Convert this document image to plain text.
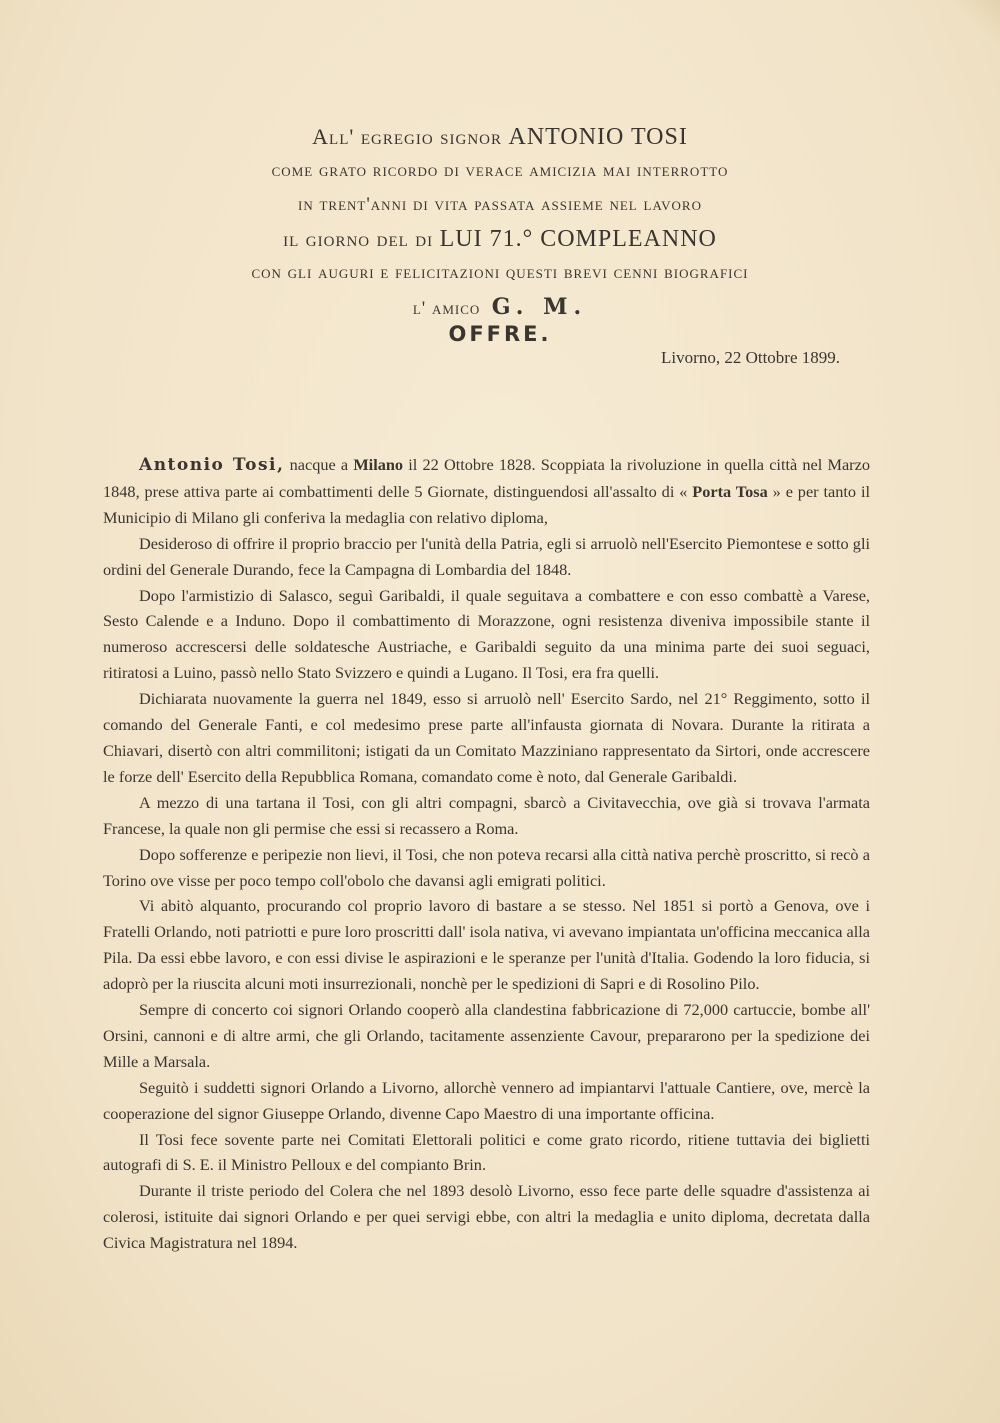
All' egregio signor ANTONIO TOSI

come grato ricordo di verace amicizia mai interrotto

in trent'anni di vita passata assieme nel lavoro

il giorno del di LUI 71.° COMPLEANNO

con gli auguri e felicitazioni questi brevi cenni biografici

l' amico G. M.

OFFRE.
Livorno, 22 Ottobre 1899.

Antonio Tosi, nacque a Milano il 22 Ottobre 1828. Scoppiata la rivoluzione in quella città nel Marzo 1848, prese attiva parte ai combattimenti delle 5 Giornate, distinguendosi all'assalto di « Porta Tosa » e per tanto il Municipio di Milano gli conferiva la medaglia con relativo diploma,

Desideroso di offrire il proprio braccio per l'unità della Patria, egli si arruolò nell'Esercito Piemontese e sotto gli ordini del Generale Durando, fece la Campagna di Lombardia del 1848.

Dopo l'armistizio di Salasco, seguì Garibaldi, il quale seguitava a combattere e con esso combattè a Varese, Sesto Calende e a Induno. Dopo il combattimento di Morazzone, ogni resistenza diveniva impossibile stante il numeroso accrescersi delle soldatesche Austriache, e Garibaldi seguito da una minima parte dei suoi seguaci, ritiratosi a Luino, passò nello Stato Svizzero e quindi a Lugano. Il Tosi, era fra quelli.

Dichiarata nuovamente la guerra nel 1849, esso si arruolò nell' Esercito Sardo, nel 21° Reggimento, sotto il comando del Generale Fanti, e col medesimo prese parte all'infausta giornata di Novara. Durante la ritirata a Chiavari, disertò con altri commilitoni; istigati da un Comitato Mazziniano rappresentato da Sirtori, onde accrescere le forze dell' Esercito della Repubblica Romana, comandato come è noto, dal Generale Garibaldi.

A mezzo di una tartana il Tosi, con gli altri compagni, sbarcò a Civitavecchia, ove già si trovava l'armata Francese, la quale non gli permise che essi si recassero a Roma.

Dopo sofferenze e peripezie non lievi, il Tosi, che non poteva recarsi alla città nativa perchè proscritto, si recò a Torino ove visse per poco tempo coll'obolo che davansi agli emigrati politici.

Vi abitò alquanto, procurando col proprio lavoro di bastare a se stesso. Nel 1851 si portò a Genova, ove i Fratelli Orlando, noti patriotti e pure loro proscritti dall' isola nativa, vi avevano impiantata un'officina meccanica alla Pila. Da essi ebbe lavoro, e con essi divise le aspirazioni e le speranze per l'unità d'Italia. Godendo la loro fiducia, si adoprò per la riuscita alcuni moti insurrezionali, nonchè per le spedizioni di Sapri e di Rosolino Pilo.

Sempre di concerto coi signori Orlando cooperò alla clandestina fabbricazione di 72,000 cartuccie, bombe all' Orsini, cannoni e di altre armi, che gli Orlando, tacitamente assenziente Cavour, prepararono per la spedizione dei Mille a Marsala.

Seguitò i suddetti signori Orlando a Livorno, allorchè vennero ad impiantarvi l'attuale Cantiere, ove, mercè la cooperazione del signor Giuseppe Orlando, divenne Capo Maestro di una importante officina.

Il Tosi fece sovente parte nei Comitati Elettorali politici e come grato ricordo, ritiene tuttavia dei biglietti autografi di S. E. il Ministro Pelloux e del compianto Brin.

Durante il triste periodo del Colera che nel 1893 desolò Livorno, esso fece parte delle squadre d'assistenza ai colerosi, istituite dai signori Orlando e per quei servigi ebbe, con altri la medaglia e unito diploma, decretata dalla Civica Magistratura nel 1894.
